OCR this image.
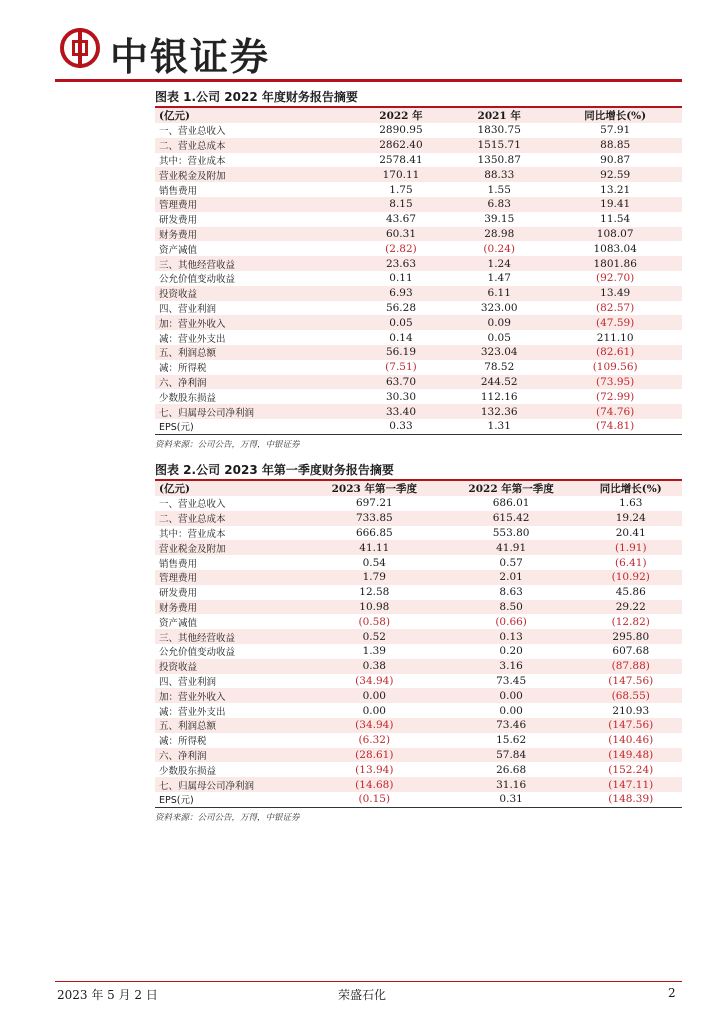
中银证券
图表 1.公司 2022 年度财务报告摘要
(亿元)	2022 年	2021 年	同比增长(%)
一、营业总收入	2890.95	1830.75	57.91
二、营业总成本	2862.40	1515.71	88.85
其中：营业成本	2578.41	1350.87	90.87
营业税金及附加	170.11	88.33	92.59
销售费用	1.75	1.55	13.21
管理费用	8.15	6.83	19.41
研发费用	43.67	39.15	11.54
财务费用	60.31	28.98	108.07
资产减值	(2.82)	(0.24)	1083.04
三、其他经营收益	23.63	1.24	1801.86
公允价值变动收益	0.11	1.47	(92.70)
投资收益	6.93	6.11	13.49
四、营业利润	56.28	323.00	(82.57)
加：营业外收入	0.05	0.09	(47.59)
减：营业外支出	0.14	0.05	211.10
五、利润总额	56.19	323.04	(82.61)
减：所得税	(7.51)	78.52	(109.56)
六、净利润	63.70	244.52	(73.95)
少数股东损益	30.30	112.16	(72.99)
七、归属母公司净利润	33.40	132.36	(74.76)
EPS(元)	0.33	1.31	(74.81)
资料来源：公司公告，万得，中银证券
图表 2.公司 2023 年第一季度财务报告摘要
(亿元)	2023 年第一季度	2022 年第一季度	同比增长(%)
一、营业总收入	697.21	686.01	1.63
二、营业总成本	733.85	615.42	19.24
其中：营业成本	666.85	553.80	20.41
营业税金及附加	41.11	41.91	(1.91)
销售费用	0.54	0.57	(6.41)
管理费用	1.79	2.01	(10.92)
研发费用	12.58	8.63	45.86
财务费用	10.98	8.50	29.22
资产减值	(0.58)	(0.66)	(12.82)
三、其他经营收益	0.52	0.13	295.80
公允价值变动收益	1.39	0.20	607.68
投资收益	0.38	3.16	(87.88)
四、营业利润	(34.94)	73.45	(147.56)
加：营业外收入	0.00	0.00	(68.55)
减：营业外支出	0.00	0.00	210.93
五、利润总额	(34.94)	73.46	(147.56)
减：所得税	(6.32)	15.62	(140.46)
六、净利润	(28.61)	57.84	(149.48)
少数股东损益	(13.94)	26.68	(152.24)
七、归属母公司净利润	(14.68)	31.16	(147.11)
EPS(元)	(0.15)	0.31	(148.39)
资料来源：公司公告，万得，中银证券
2023 年 5 月 2 日	荣盛石化	2
